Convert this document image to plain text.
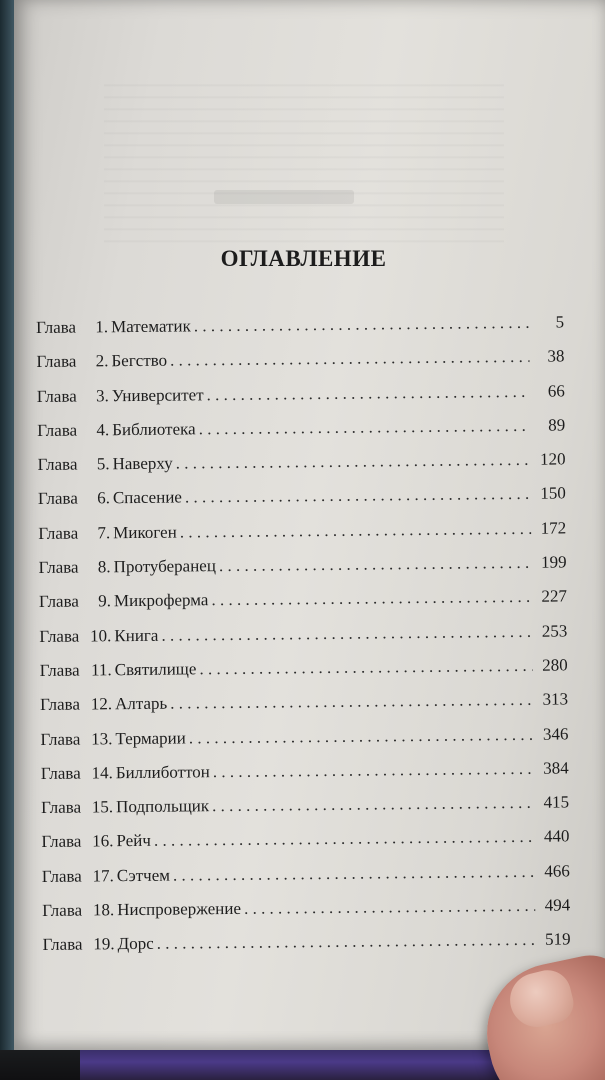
ОГЛАВЛЕНИЕ
Глава	1. Математик . . .	5
Глава	2. Бегство . . .	38
Глава	3. Университет . . .	66
Глава	4. Библиотека . . .	89
Глава	5. Наверху . . .	120
Глава	6. Спасение . . .	150
Глава	7. Микоген . . .	172
Глава	8. Протуберанец . . .	199
Глава	9. Микроферма . . .	227
Глава 10. Книга . . .	253
Глава 11. Святилище . . .	280
Глава 12. Алтарь . . .	313
Глава 13. Термарии . . .	346
Глава 14. Биллиботтон . . .	384
Глава 15. Подпольщик . . .	415
Глава 16. Рейч . . .	440
Глава 17. Сэтчем . . .	466
Глава 18. Ниспровержение . . .	494
Глава 19. Дорс . . .	519
